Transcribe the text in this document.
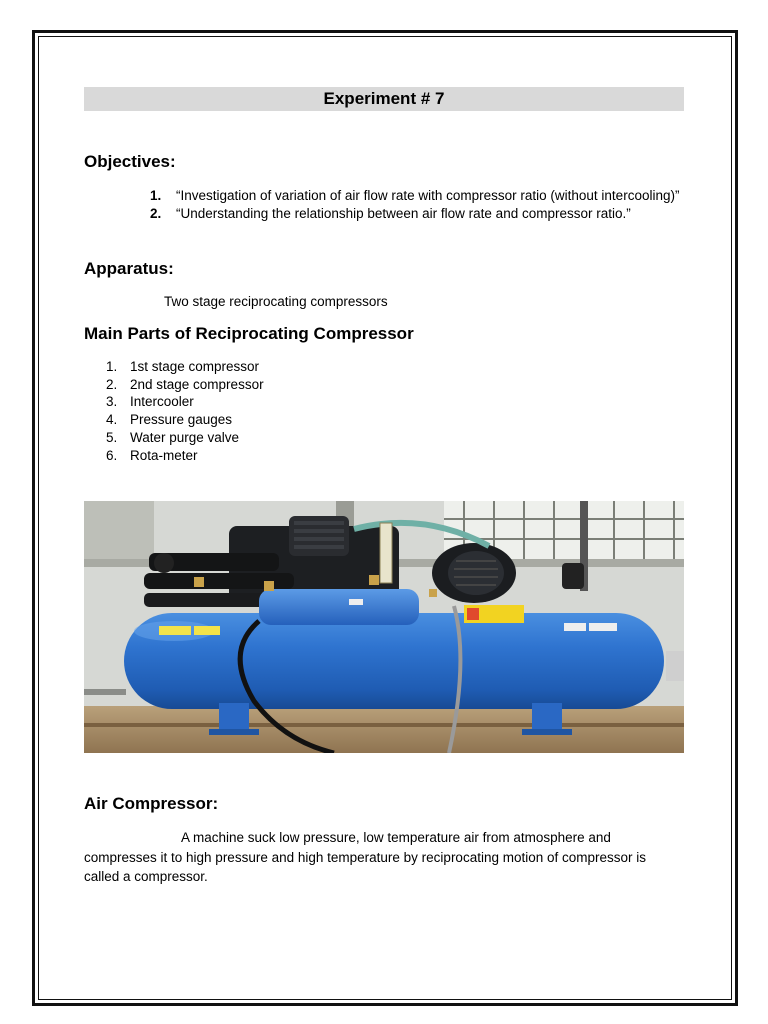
Experiment # 7
Objectives:
1.	“Investigation of variation of air flow rate with compressor ratio (without intercooling)”
2.	“Understanding the relationship between air flow rate and compressor ratio.”
Apparatus:
Two stage reciprocating compressors
Main Parts of Reciprocating Compressor
1. 1st stage compressor
2. 2nd stage compressor
3. Intercooler
4. Pressure gauges
5. Water purge valve
6. Rota-meter
Air Compressor:
A machine suck low pressure, low temperature air from atmosphere and compresses it to high pressure and high temperature by reciprocating motion of compressor is called a compressor.
